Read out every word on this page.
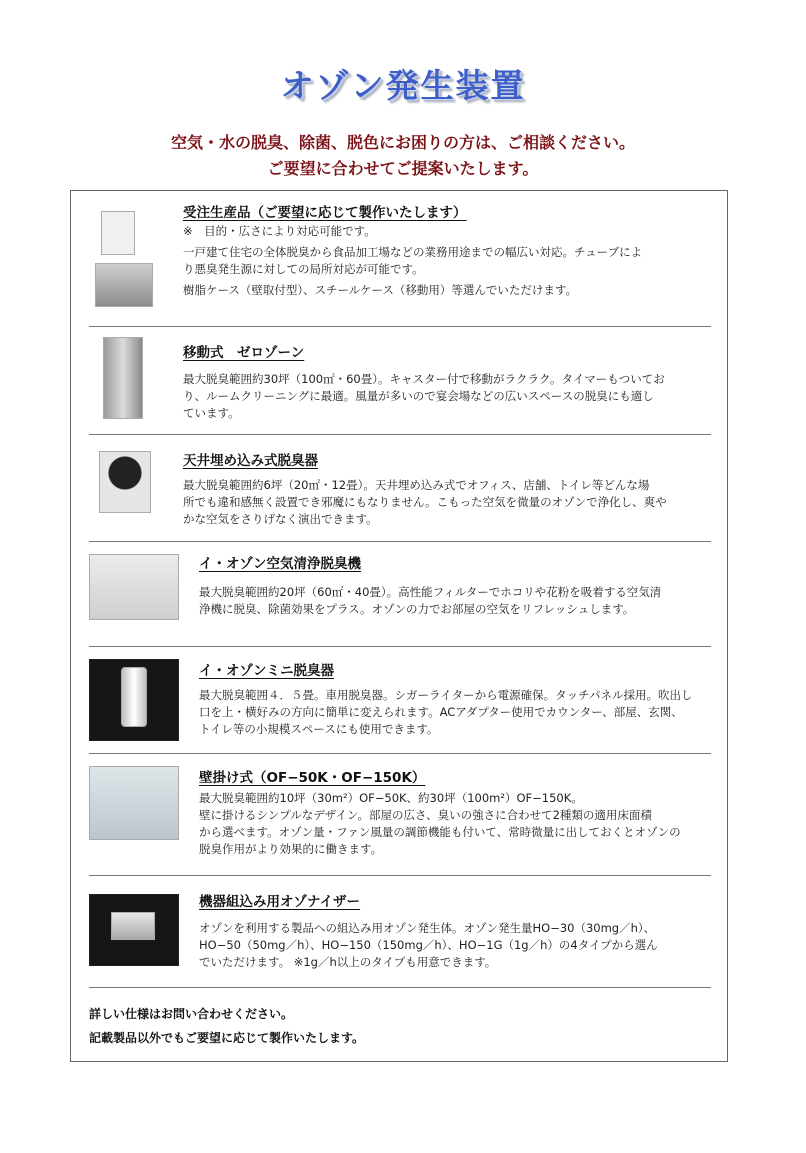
オゾン発生装置
空気・水の脱臭、除菌、脱色にお困りの方は、ご相談ください。
ご要望に合わせてご提案いたします。
受注生産品（ご要望に応じて製作いたします）

※　目的・広さにより対応可能です。

一戸建て住宅の全体脱臭から食品加工場などの業務用途までの幅広い対応。チューブによ

り悪臭発生源に対しての局所対応が可能です。

樹脂ケース（壁取付型）、スチールケース（移動用）等選んでいただけます。

移動式　ゼロゾーン

最大脱臭範囲約30坪（100㎡・60畳）。キャスター付で移動がラクラク。タイマーもついてお

り、ルームクリーニングに最適。風量が多いので宴会場などの広いスペースの脱臭にも適し

ています。

天井埋め込み式脱臭器

最大脱臭範囲約6坪（20㎡・12畳）。天井埋め込み式でオフィス、店舗、トイレ等どんな場

所でも違和感無く設置でき邪魔にもなりません。こもった空気を微量のオゾンで浄化し、爽や

かな空気をさりげなく演出できます。

イ・オゾン空気清浄脱臭機

最大脱臭範囲約20坪（60㎡・40畳）。高性能フィルターでホコリや花粉を吸着する空気清

浄機に脱臭、除菌効果をプラス。オゾンの力でお部屋の空気をリフレッシュします。

イ・オゾンミニ脱臭器

最大脱臭範囲４．５畳。車用脱臭器。シガーライターから電源確保。タッチパネル採用。吹出し

口を上・横好みの方向に簡単に変えられます。ACアダプター使用でカウンター、部屋、玄関、

トイレ等の小規模スペースにも使用できます。

壁掛け式（OF−50K・OF−150K）

最大脱臭範囲約10坪（30m²）OF−50K、約30坪（100m²）OF−150K。

壁に掛けるシンプルなデザイン。部屋の広さ、臭いの強さに合わせて2種類の適用床面積

から選べます。オゾン量・ファン風量の調節機能も付いて、常時微量に出しておくとオゾンの

脱臭作用がより効果的に働きます。

機器組込み用オゾナイザー

オゾンを利用する製品への組込み用オゾン発生体。オゾン発生量HO−30（30mg／h）、

HO−50（50mg／h）、HO−150（150mg／h）、HO−1G（1g／h）の4タイプから選ん

でいただけます。 ※1g／h以上のタイプも用意できます。

詳しい仕様はお問い合わせください。
記載製品以外でもご要望に応じて製作いたします。
